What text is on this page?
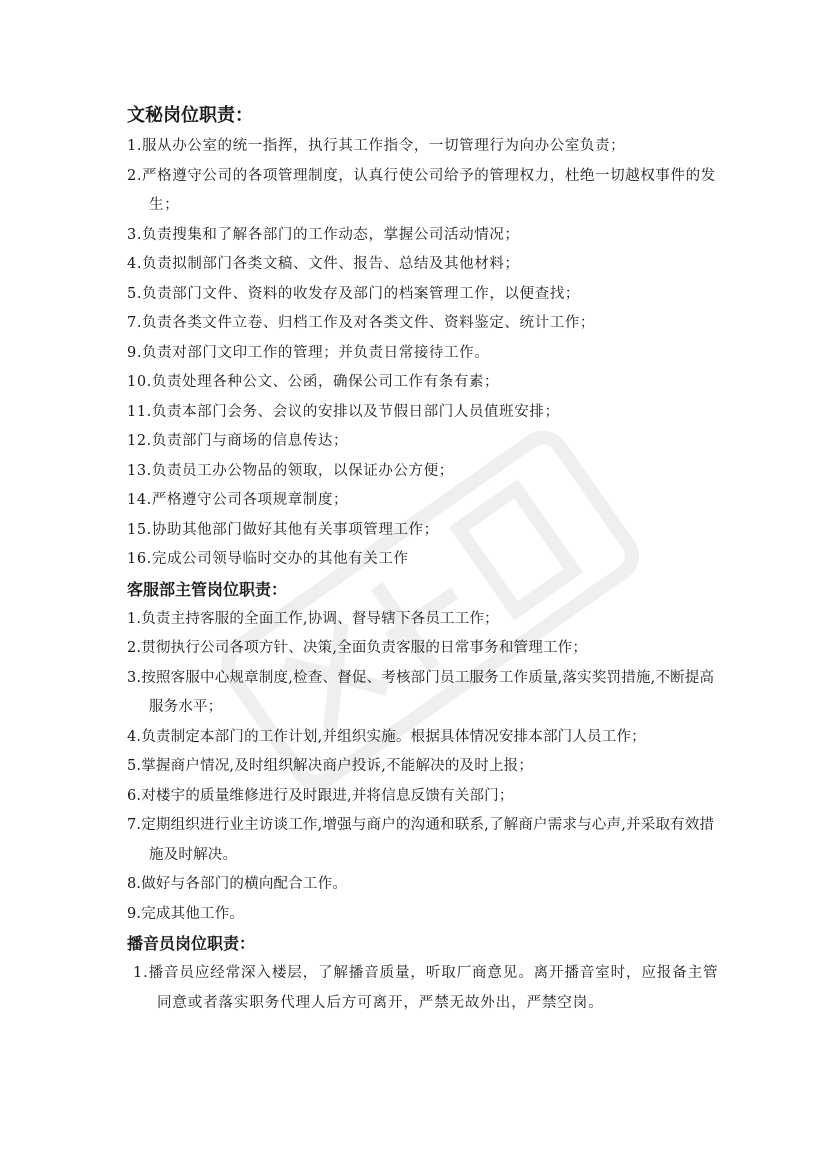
文秘岗位职责：

1.服从办公室的统一指挥，执行其工作指令，一切管理行为向办公室负责；

2.严格遵守公司的各项管理制度，认真行使公司给予的管理权力，杜绝一切越权事件的发生；

3.负责搜集和了解各部门的工作动态，掌握公司活动情况；

4.负责拟制部门各类文稿、文件、报告、总结及其他材料；

5.负责部门文件、资料的收发存及部门的档案管理工作，以便查找；

7.负责各类文件立卷、归档工作及对各类文件、资料鉴定、统计工作；

9.负责对部门文印工作的管理；并负责日常接待工作。

10.负责处理各种公文、公函，确保公司工作有条有素；

11.负责本部门会务、会议的安排以及节假日部门人员值班安排；

12.负责部门与商场的信息传达；

13.负责员工办公物品的领取，以保证办公方便；

14.严格遵守公司各项规章制度；

15.协助其他部门做好其他有关事项管理工作；

16.完成公司领导临时交办的其他有关工作

客服部主管岗位职责：

1.负责主持客服的全面工作,协调、督导辖下各员工工作；

2.贯彻执行公司各项方针、决策,全面负责客服的日常事务和管理工作；

3.按照客服中心规章制度,检查、督促、考核部门员工服务工作质量,落实奖罚措施,不断提高服务水平；

4.负责制定本部门的工作计划,并组织实施。根据具体情况安排本部门人员工作；

5.掌握商户情况,及时组织解决商户投诉,不能解决的及时上报；

6.对楼宇的质量维修进行及时跟进,并将信息反馈有关部门；

7.定期组织进行业主访谈工作,增强与商户的沟通和联系,了解商户需求与心声,并采取有效措施及时解决。

8.做好与各部门的横向配合工作。

9.完成其他工作。

播音员岗位职责：

1.播音员应经常深入楼层，了解播音质量，听取厂商意见。离开播音室时，应报备主管同意或者落实职务代理人后方可离开，严禁无故外出，严禁空岗。
